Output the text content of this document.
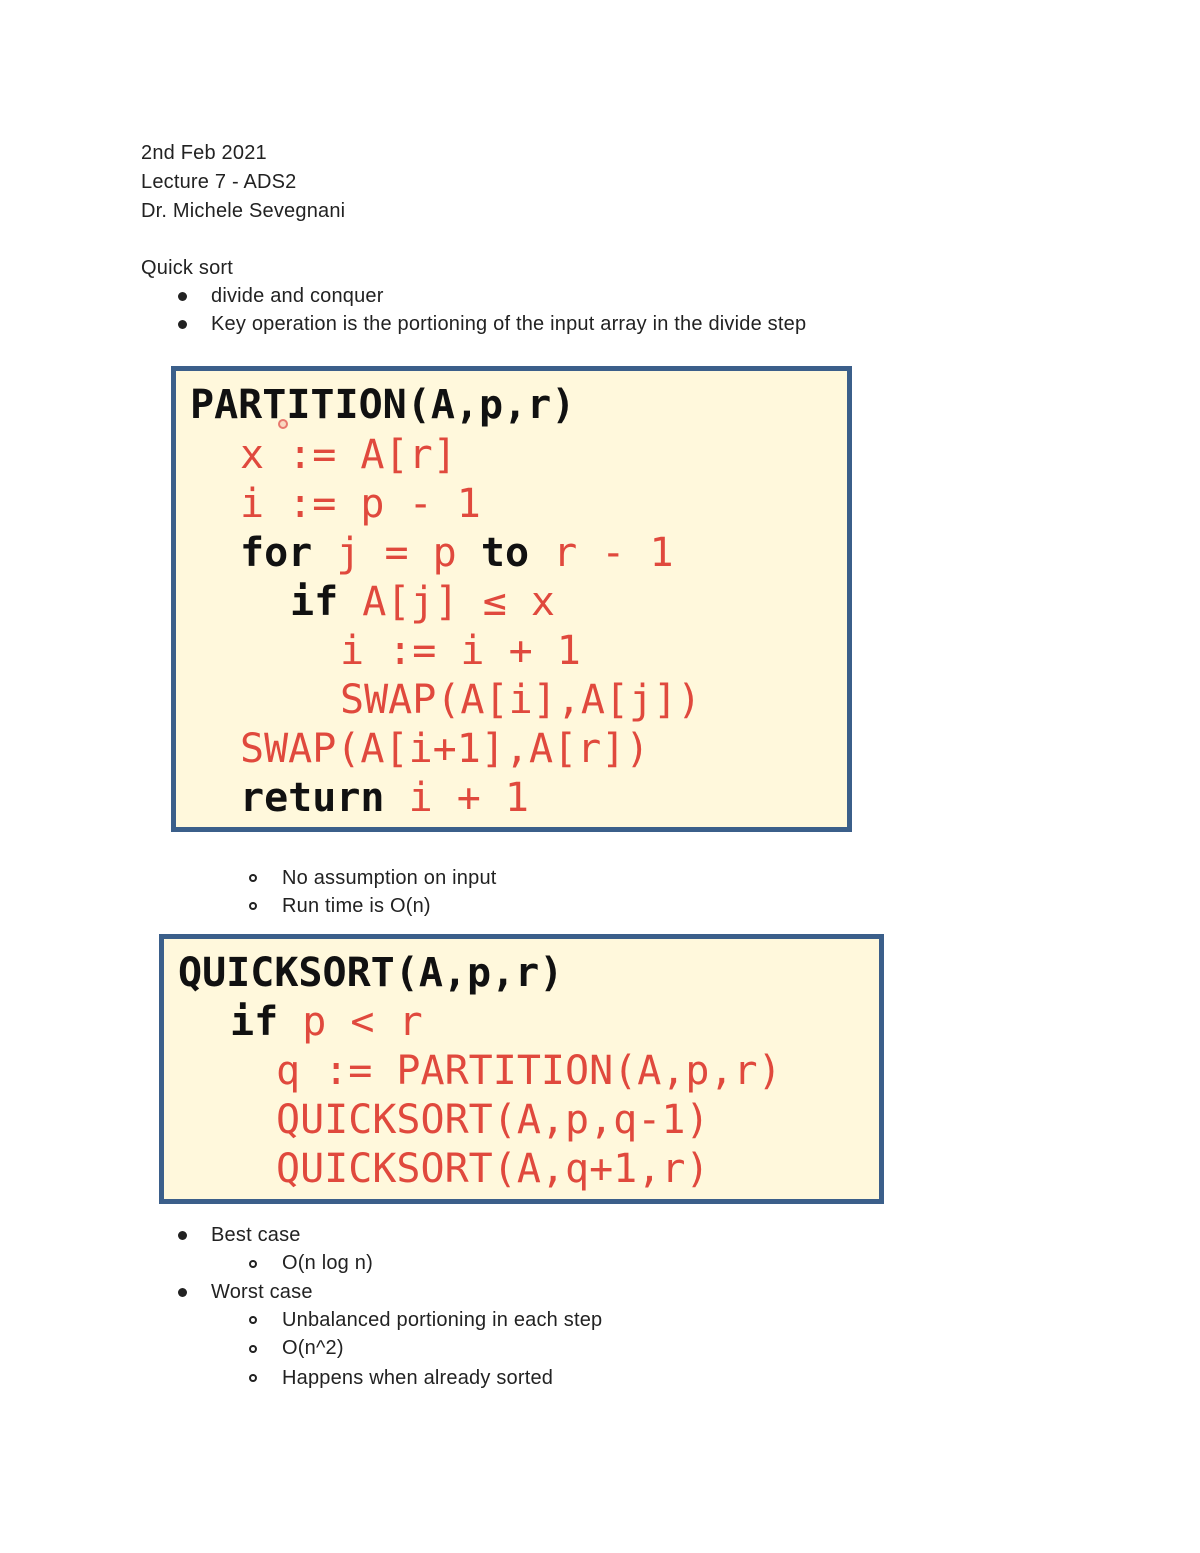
2nd Feb 2021
Lecture 7 - ADS2
Dr. Michele Sevegnani
Quick sort
divide and conquer
Key operation is the portioning of the input array in the divide step
PARTITION(A,p,r)
x := A[r]
i := p - 1
for j = p to r - 1
if A[j] ≤ x
i := i + 1
SWAP(A[i],A[j])
SWAP(A[i+1],A[r])
return i + 1
No assumption on input
Run time is O(n)
QUICKSORT(A,p,r)
if p < r
q := PARTITION(A,p,r)
QUICKSORT(A,p,q-1)
QUICKSORT(A,q+1,r)
Best case
O(n log n)
Worst case
Unbalanced portioning in each step
O(n^2)
Happens when already sorted
